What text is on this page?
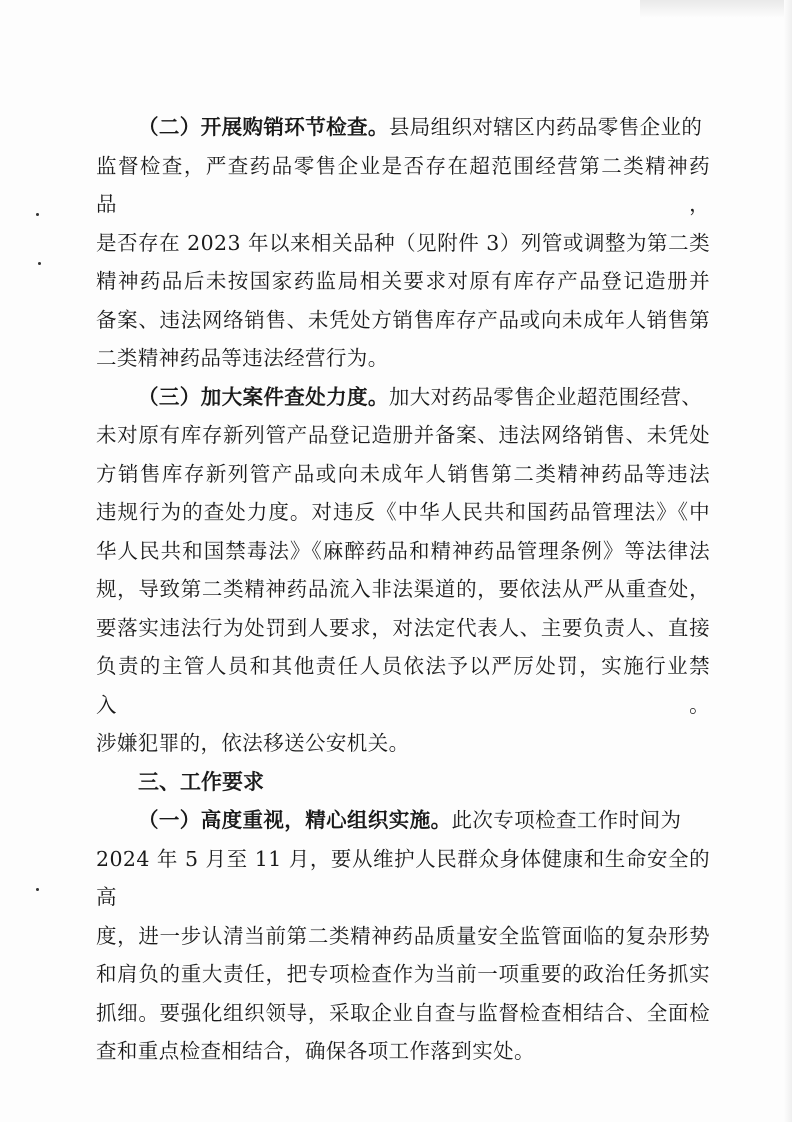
（二）开展购销环节检查。县局组织对辖区内药品零售企业的
监督检查，严查药品零售企业是否存在超范围经营第二类精神药品，
是否存在 2023 年以来相关品种（见附件 3）列管或调整为第二类
精神药品后未按国家药监局相关要求对原有库存产品登记造册并
备案、违法网络销售、未凭处方销售库存产品或向未成年人销售第
二类精神药品等违法经营行为。
（三）加大案件查处力度。加大对药品零售企业超范围经营、
未对原有库存新列管产品登记造册并备案、违法网络销售、未凭处
方销售库存新列管产品或向未成年人销售第二类精神药品等违法
违规行为的查处力度。对违反《中华人民共和国药品管理法》《中
华人民共和国禁毒法》《麻醉药品和精神药品管理条例》等法律法
规，导致第二类精神药品流入非法渠道的，要依法从严从重查处，
要落实违法行为处罚到人要求，对法定代表人、主要负责人、直接
负责的主管人员和其他责任人员依法予以严厉处罚，实施行业禁入。
涉嫌犯罪的，依法移送公安机关。
三、工作要求
（一）高度重视，精心组织实施。此次专项检查工作时间为
2024 年 5 月至 11 月，要从维护人民群众身体健康和生命安全的高
度，进一步认清当前第二类精神药品质量安全监管面临的复杂形势
和肩负的重大责任，把专项检查作为当前一项重要的政治任务抓实
抓细。要强化组织领导，采取企业自查与监督检查相结合、全面检
查和重点检查相结合，确保各项工作落到实处。
